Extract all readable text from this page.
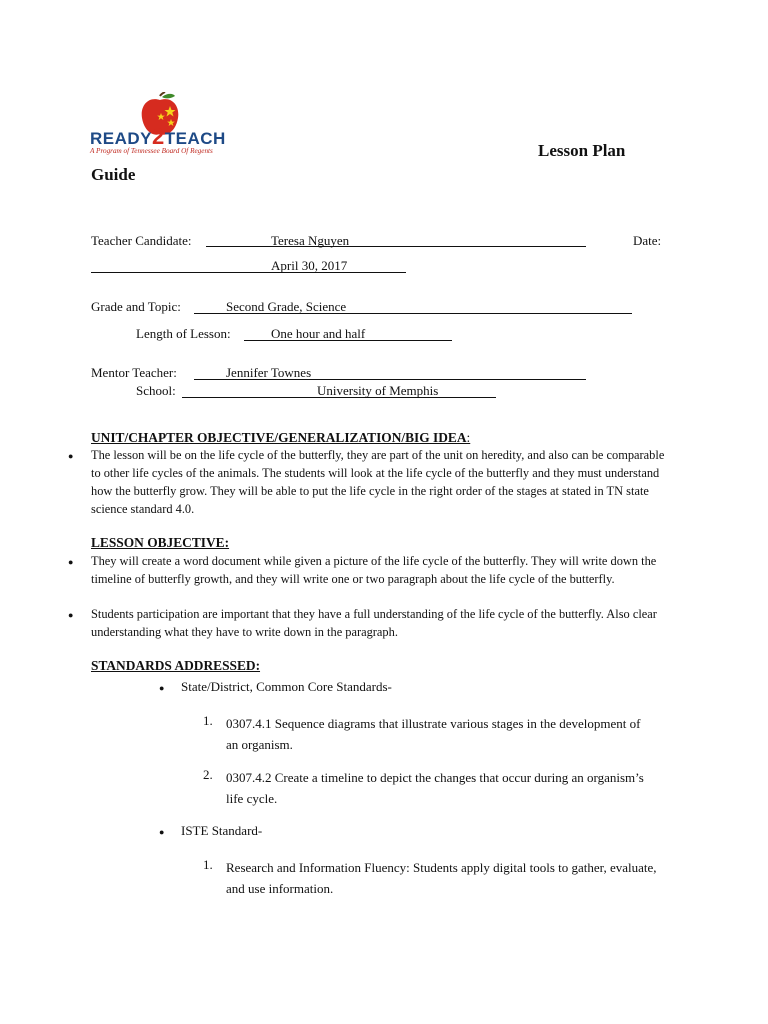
READY2TEACH
A Program of Tennessee Board Of Regents	Lesson Plan
Guide
Teacher Candidate:	Teresa Nguyen	Date:
April 30, 2017
Grade and Topic:	Second Grade, Science
Length of Lesson:	One hour and half
Mentor Teacher:	Jennifer Townes
School:	University of Memphis
UNIT/CHAPTER OBJECTIVE/GENERALIZATION/BIG IDEA:
● The lesson will be on the life cycle of the butterfly, they are part of the unit on heredity, and also can be comparable to other life cycles of the animals. The students will look at the life cycle of the butterfly and they must understand how the butterfly grow. They will be able to put the life cycle in the right order of the stages at stated in TN state science standard 4.0.
LESSON OBJECTIVE:
● They will create a word document while given a picture of the life cycle of the butterfly. They will write down the timeline of butterfly growth, and they will write one or two paragraph about the life cycle of the butterfly.
● Students participation are important that they have a full understanding of the life cycle of the butterfly. Also clear understanding what they have to write down in the paragraph.
STANDARDS ADDRESSED:
● State/District, Common Core Standards-
1. 0307.4.1 Sequence diagrams that illustrate various stages in the development of an organism.
2. 0307.4.2 Create a timeline to depict the changes that occur during an organism’s life cycle.
● ISTE Standard-
1. Research and Information Fluency: Students apply digital tools to gather, evaluate, and use information.
